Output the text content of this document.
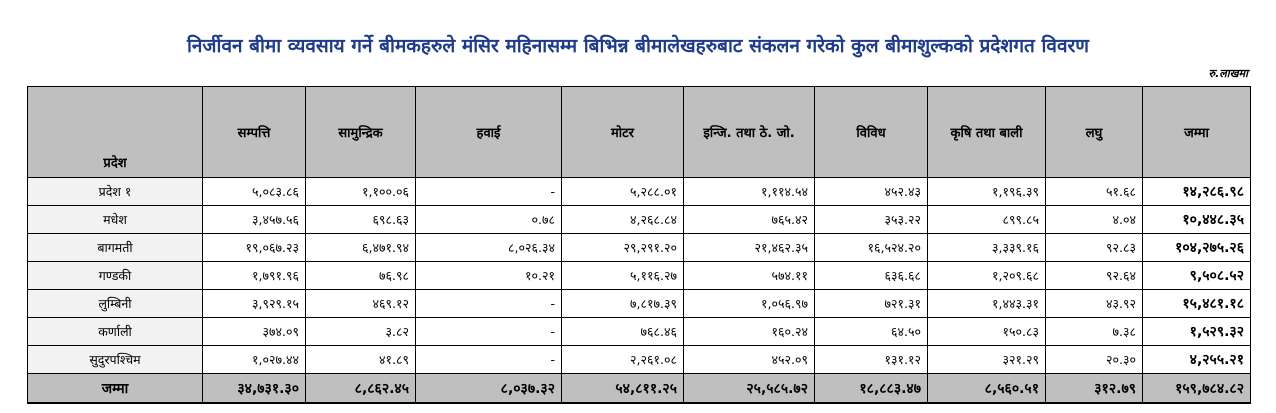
निर्जीवन बीमा व्यवसाय गर्ने बीमकहरुले मंसिर महिनासम्म बिभिन्न बीमालेखहरुबाट संकलन गरेको कुल बीमाशुल्कको प्रदेशगत विवरण
रु.लाखमा
प्रदेश	सम्पत्ति	सामुन्द्रिक	हवाई	मोटर	इन्जि. तथा ठे. जो.	विविध	कृषि तथा बाली	लघु	जम्मा
प्रदेश १	५,०८३.८६	१,१००.०६	-	५,२८८.०१	१,११४.५४	४५२.४३	१,१९६.३९	५१.६८	१४,२८६.९८
मधेश	३,४५७.५६	६९८.६३	०.७८	४,२६८.८४	७६५.४२	३५३.२२	८९९.८५	४.०४	१०,४४८.३५
बागमती	१९,०६७.२३	६,४७१.९४	८,०२६.३४	२९,२९१.२०	२१,४६२.३५	१६,५२४.२०	३,३३९.१६	९२.८३	१०४,२७५.२६
गण्डकी	१,७९१.९६	७६.९८	१०.२१	५,११६.२७	५७४.११	६३६.६८	१,२०९.६८	९२.६४	९,५०८.५२
लुम्बिनी	३,९२९.१५	४६९.१२	-	७,८१७.३९	१,०५६.९७	७२१.३१	१,४४३.३१	४३.९२	१५,४८१.१८
कर्णाली	३७४.०९	३.८२	-	७६८.४६	१६०.२४	६४.५०	१५०.८३	७.३८	१,५२९.३२
सुदुरपश्चिम	१,०२७.४४	४१.८९	-	२,२६१.०८	४५२.०९	१३१.१२	३२१.२९	२०.३०	४,२५५.२१
जम्मा	३४,७३१.३०	८,८६२.४५	८,०३७.३२	५४,८११.२५	२५,५८५.७२	१८,८८३.४७	८,५६०.५१	३१२.७९	१५९,७८४.८२
